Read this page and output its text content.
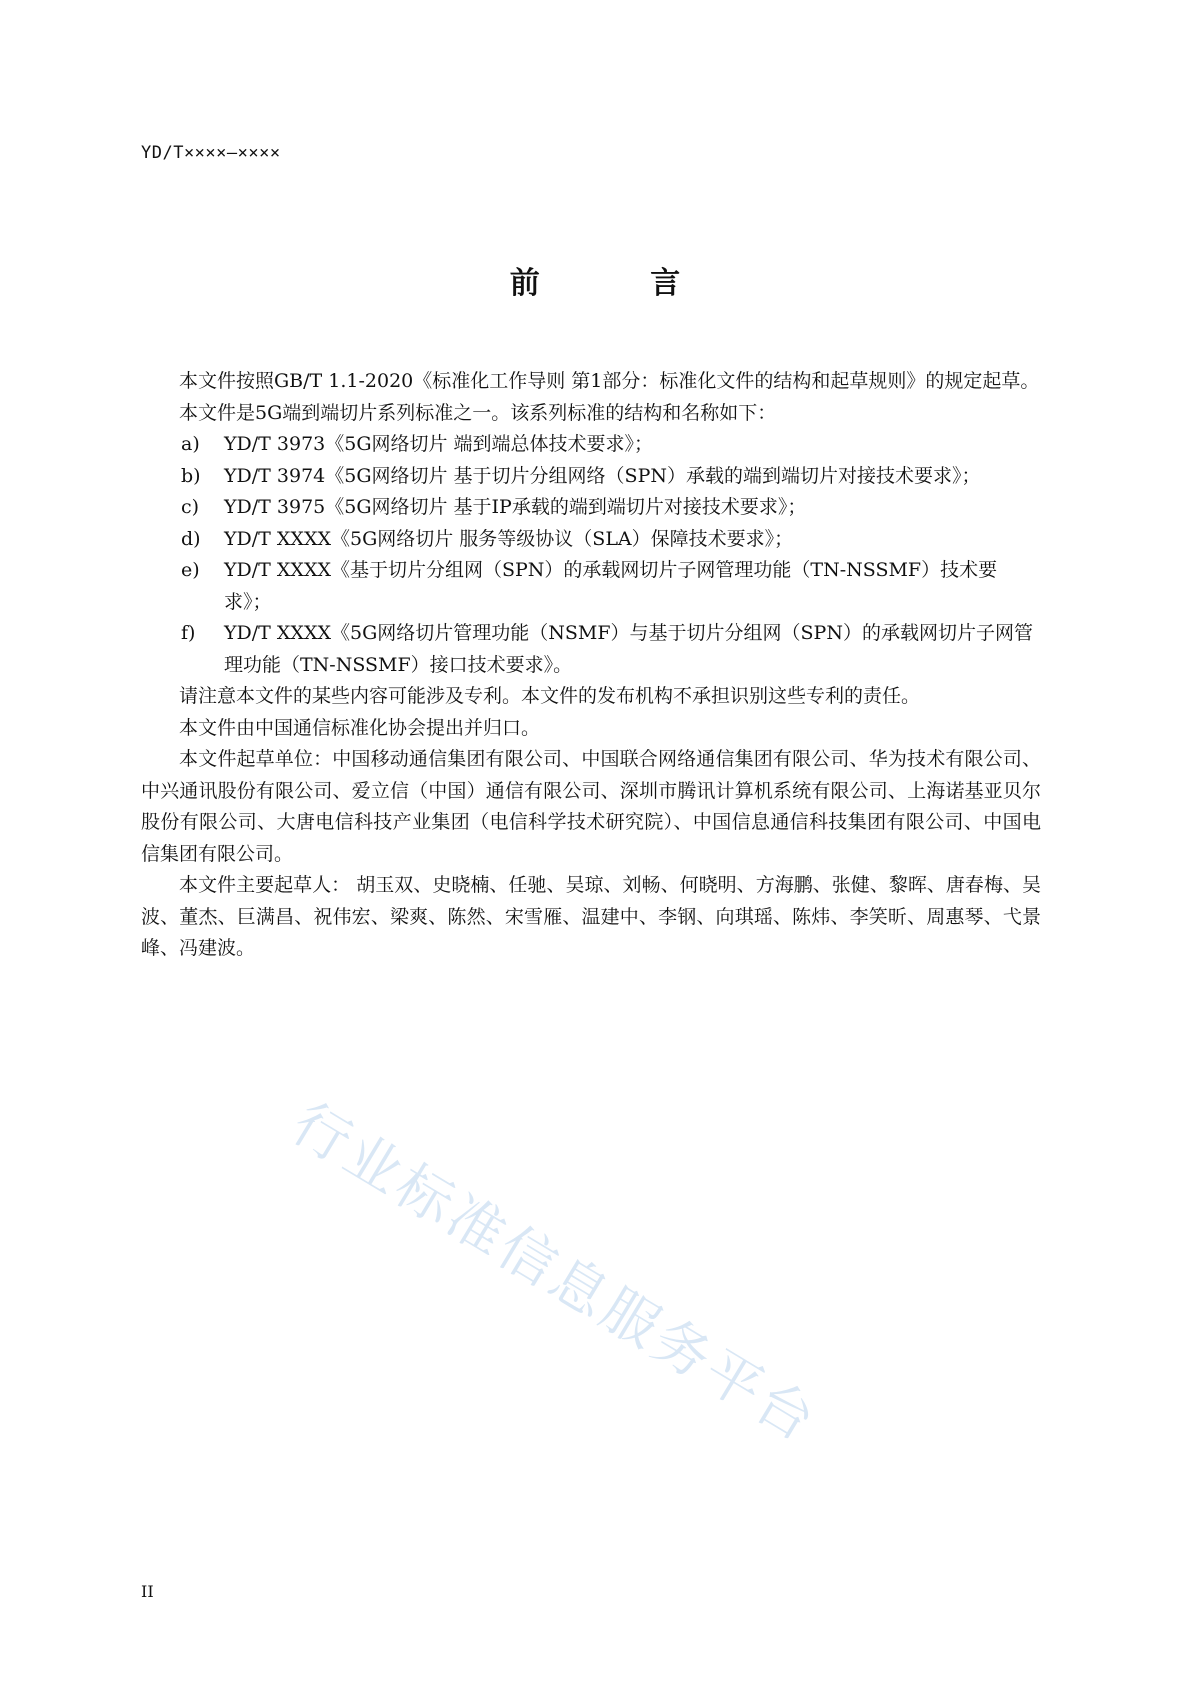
YD/T××××—××××
前 言

本文件按照GB/T 1.1-2020《标准化工作导则 第1部分：标准化文件的结构和起草规则》的规定起草。

本文件是5G端到端切片系列标准之一。该系列标准的结构和名称如下：

a) YD/T 3973《5G网络切片 端到端总体技术要求》；
b) YD/T 3974《5G网络切片 基于切片分组网络（SPN）承载的端到端切片对接技术要求》；
c) YD/T 3975《5G网络切片 基于IP承载的端到端切片对接技术要求》；
d) YD/T XXXX《5G网络切片 服务等级协议（SLA）保障技术要求》；
e) YD/T XXXX《基于切片分组网（SPN）的承载网切片子网管理功能（TN-NSSMF）技术要求》；
f) YD/T XXXX《5G网络切片管理功能（NSMF）与基于切片分组网（SPN）的承载网切片子网管理功能（TN-NSSMF）接口技术要求》。

请注意本文件的某些内容可能涉及专利。本文件的发布机构不承担识别这些专利的责任。

本文件由中国通信标准化协会提出并归口。

本文件起草单位：中国移动通信集团有限公司、中国联合网络通信集团有限公司、华为技术有限公司、中兴通讯股份有限公司、爱立信（中国）通信有限公司、深圳市腾讯计算机系统有限公司、上海诺基亚贝尔股份有限公司、大唐电信科技产业集团（电信科学技术研究院）、中国信息通信科技集团有限公司、中国电信集团有限公司。

本文件主要起草人： 胡玉双、史晓楠、任驰、吴琼、刘畅、何晓明、方海鹏、张健、黎晖、唐春梅、吴波、董杰、巨满昌、祝伟宏、梁爽、陈然、宋雪雁、温建中、李钢、向琪瑶、陈炜、李笑昕、周惠琴、弋景峰、冯建波。

行业标准信息服务平台
II
